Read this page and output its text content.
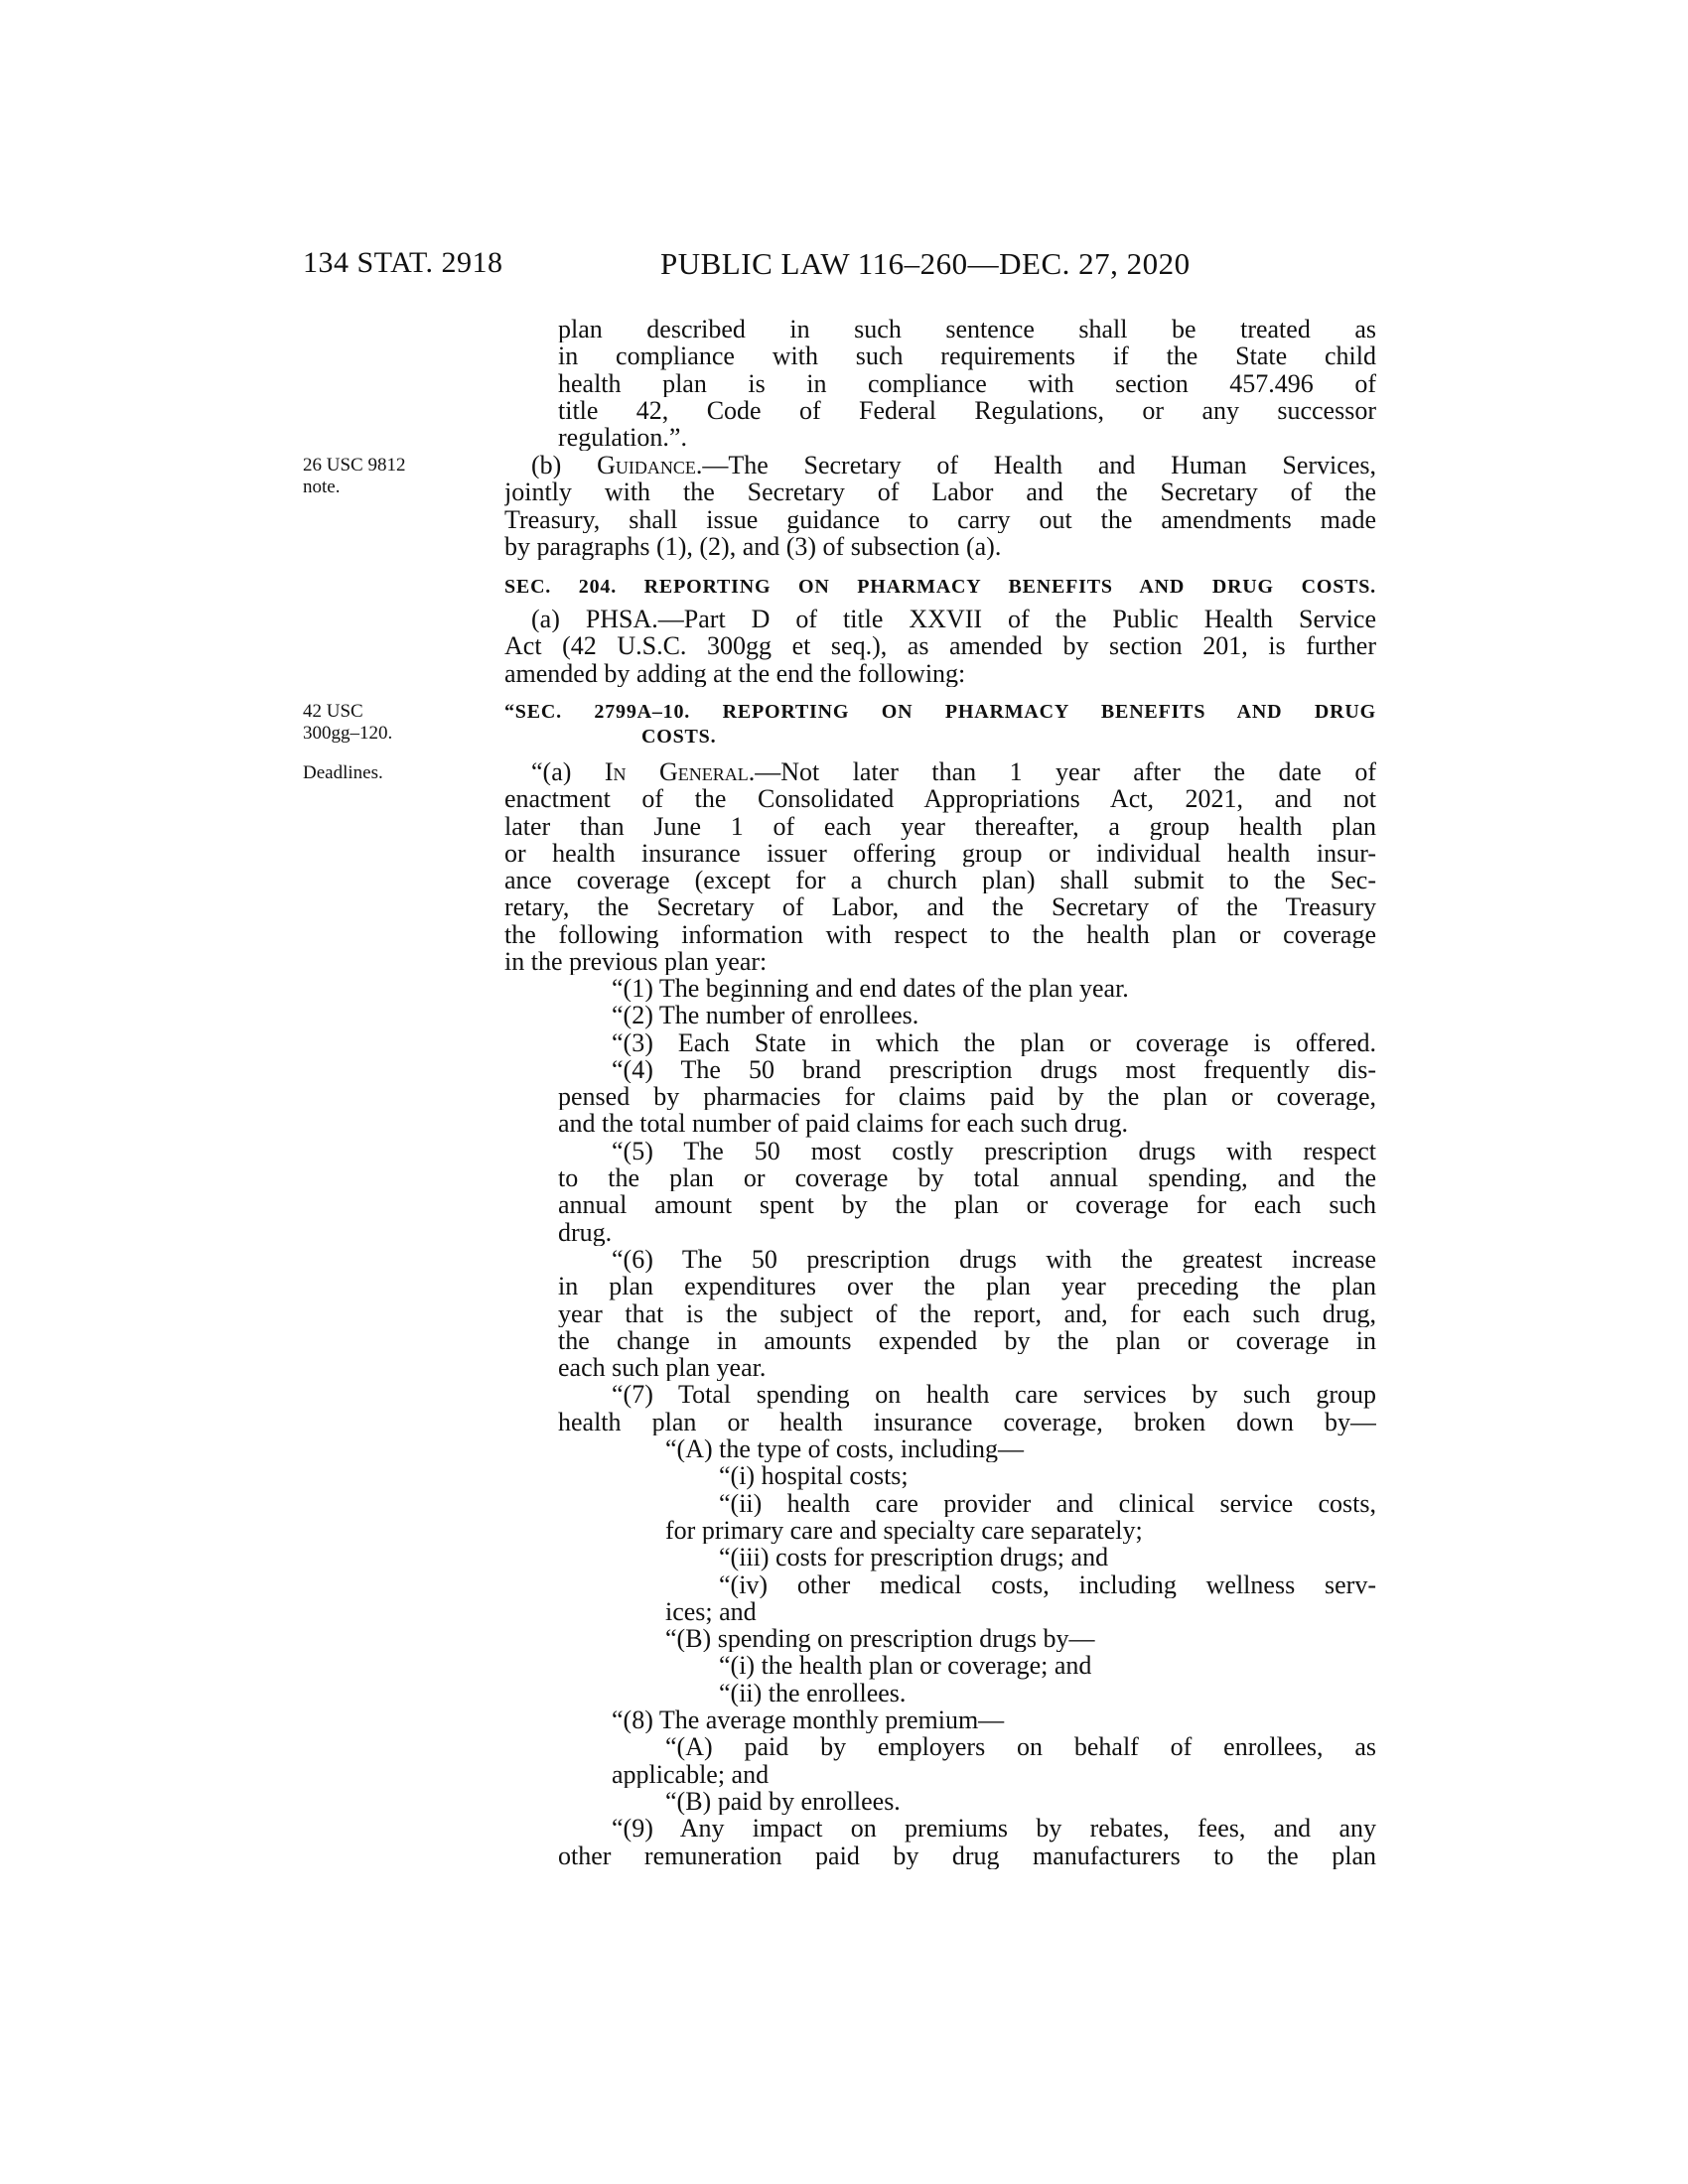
134 STAT. 2918	PUBLIC LAW 116–260—DEC. 27, 2020
26 USC 9812
note.
42 USC
300gg–120.
Deadlines.
plan described in such sentence shall be treated as
in compliance with such requirements if the State child
health plan is in compliance with section 457.496 of
title 42, Code of Federal Regulations, or any successor
regulation.”.
(b) Guidance.—The Secretary of Health and Human Services,
jointly with the Secretary of Labor and the Secretary of the
Treasury, shall issue guidance to carry out the amendments made
by paragraphs (1), (2), and (3) of subsection (a).
SEC. 204. REPORTING ON PHARMACY BENEFITS AND DRUG COSTS.
(a) PHSA.—Part D of title XXVII of the Public Health Service
Act (42 U.S.C. 300gg et seq.), as amended by section 201, is further
amended by adding at the end the following:
“SEC. 2799A–10. REPORTING ON PHARMACY BENEFITS AND DRUG
COSTS.
“(a) In General.—Not later than 1 year after the date of
enactment of the Consolidated Appropriations Act, 2021, and not
later than June 1 of each year thereafter, a group health plan
or health insurance issuer offering group or individual health insur-
ance coverage (except for a church plan) shall submit to the Sec-
retary, the Secretary of Labor, and the Secretary of the Treasury
the following information with respect to the health plan or coverage
in the previous plan year:
“(1) The beginning and end dates of the plan year.
“(2) The number of enrollees.
“(3) Each State in which the plan or coverage is offered.
“(4) The 50 brand prescription drugs most frequently dis-
pensed by pharmacies for claims paid by the plan or coverage,
and the total number of paid claims for each such drug.
“(5) The 50 most costly prescription drugs with respect
to the plan or coverage by total annual spending, and the
annual amount spent by the plan or coverage for each such
drug.
“(6) The 50 prescription drugs with the greatest increase
in plan expenditures over the plan year preceding the plan
year that is the subject of the report, and, for each such drug,
the change in amounts expended by the plan or coverage in
each such plan year.
“(7) Total spending on health care services by such group
health plan or health insurance coverage, broken down by—
“(A) the type of costs, including—
“(i) hospital costs;
“(ii) health care provider and clinical service costs,
for primary care and specialty care separately;
“(iii) costs for prescription drugs; and
“(iv) other medical costs, including wellness serv-
ices; and
“(B) spending on prescription drugs by—
“(i) the health plan or coverage; and
“(ii) the enrollees.
“(8) The average monthly premium—
“(A) paid by employers on behalf of enrollees, as
applicable; and
“(B) paid by enrollees.
“(9) Any impact on premiums by rebates, fees, and any
other remuneration paid by drug manufacturers to the plan
